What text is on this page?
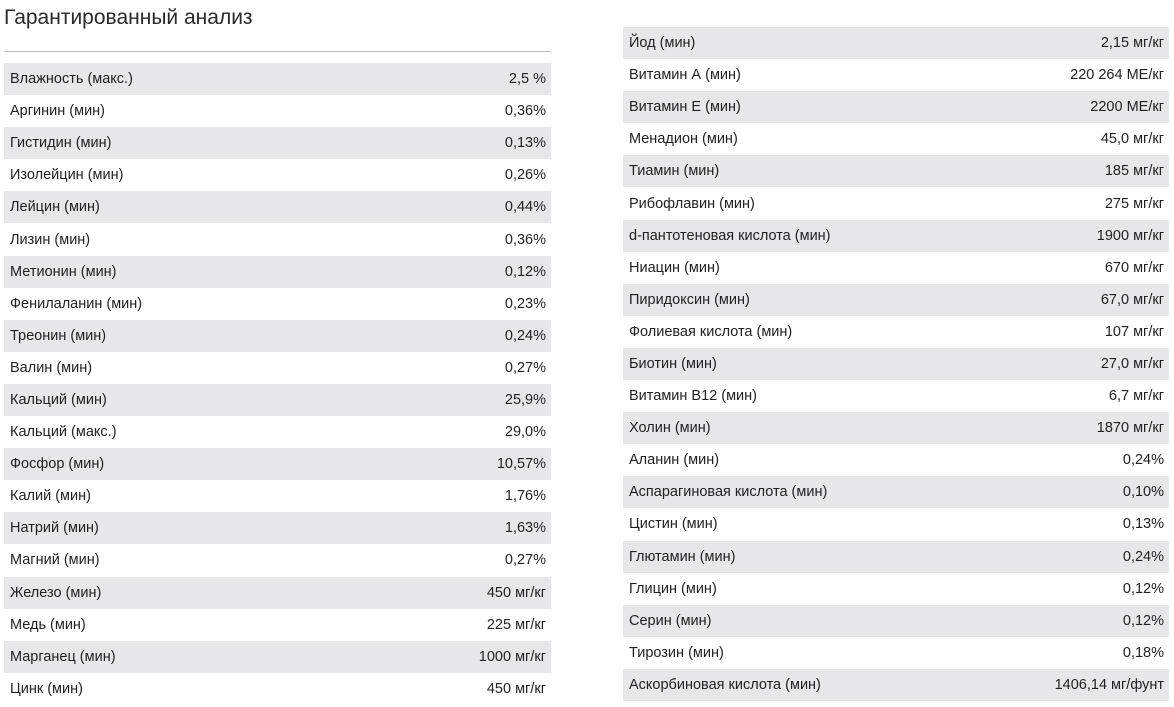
Гарантированный анализ
Влажность (макс.)	2,5 %
Аргинин (мин)	0,36%
Гистидин (мин)	0,13%
Изолейцин (мин)	0,26%
Лейцин (мин)	0,44%
Лизин (мин)	0,36%
Метионин (мин)	0,12%
Фенилаланин (мин)	0,23%
Треонин (мин)	0,24%
Валин (мин)	0,27%
Кальций (мин)	25,9%
Кальций (макс.)	29,0%
Фосфор (мин)	10,57%
Калий (мин)	1,76%
Натрий (мин)	1,63%
Магний (мин)	0,27%
Железо (мин)	450 мг/кг
Медь (мин)	225 мг/кг
Марганец (мин)	1000 мг/кг
Цинк (мин)	450 мг/кг
Йод (мин)	2,15 мг/кг
Витамин А (мин)	220 264 МЕ/кг
Витамин Е (мин)	2200 МЕ/кг
Менадион (мин)	45,0 мг/кг
Тиамин (мин)	185 мг/кг
Рибофлавин (мин)	275 мг/кг
d-пантотеновая кислота (мин)	1900 мг/кг
Ниацин (мин)	670 мг/кг
Пиридоксин (мин)	67,0 мг/кг
Фолиевая кислота (мин)	107 мг/кг
Биотин (мин)	27,0 мг/кг
Витамин B12 (мин)	6,7 мг/кг
Холин (мин)	1870 мг/кг
Аланин (мин)	0,24%
Аспарагиновая кислота (мин)	0,10%
Цистин (мин)	0,13%
Глютамин (мин)	0,24%
Глицин (мин)	0,12%
Серин (мин)	0,12%
Тирозин (мин)	0,18%
Аскорбиновая кислота (мин)	1406,14 мг/фунт
